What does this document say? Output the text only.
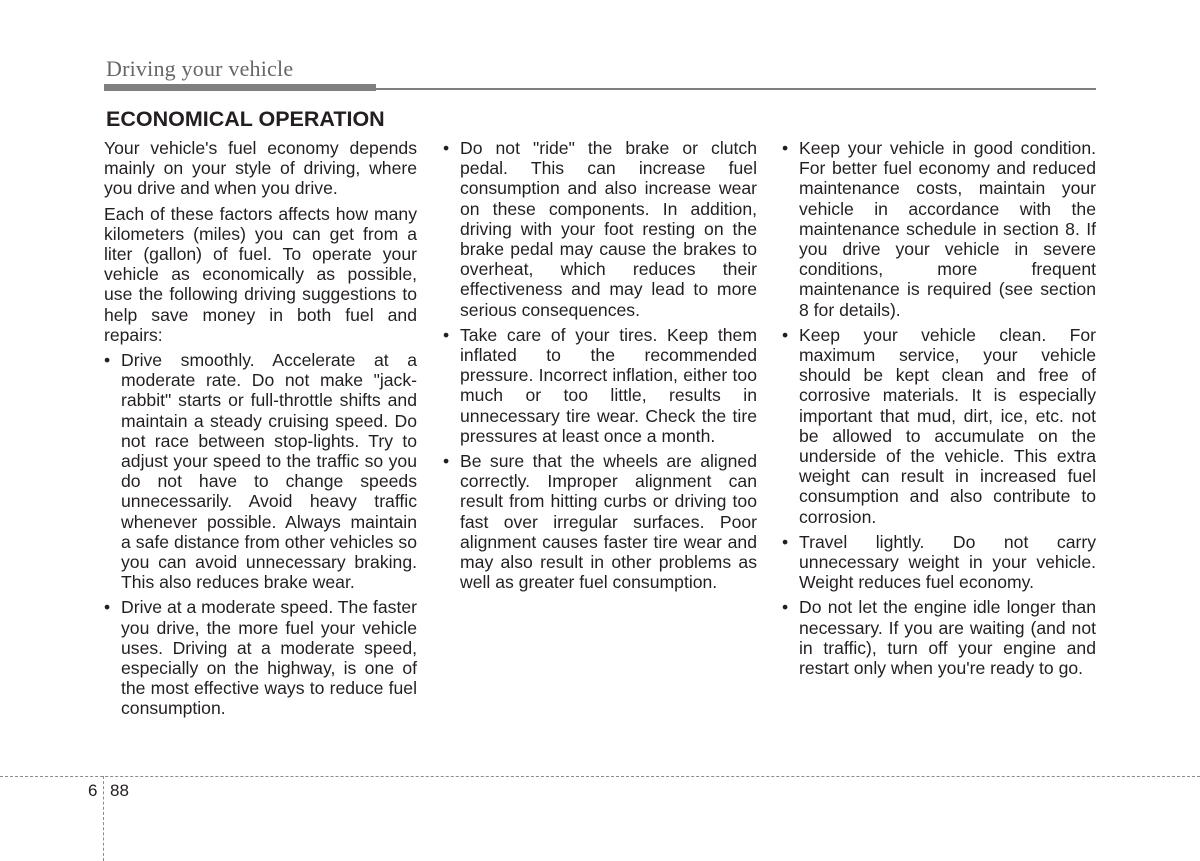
Driving your vehicle
ECONOMICAL OPERATION

Your vehicle's fuel economy depends mainly on your style of driving, where you drive and when you drive.

Each of these factors affects how many kilometers (miles) you can get from a liter (gallon) of fuel. To operate your vehicle as economically as possible, use the following driving suggestions to help save money in both fuel and repairs:

• Drive smoothly. Accelerate at a moderate rate. Do not make "jack-rabbit" starts or full-throttle shifts and maintain a steady cruising speed. Do not race between stop-lights. Try to adjust your speed to the traffic so you do not have to change speeds unnecessarily. Avoid heavy traffic whenever possible. Always maintain a safe distance from other vehicles so you can avoid unnecessary braking. This also reduces brake wear.
• Drive at a moderate speed. The faster you drive, the more fuel your vehicle uses. Driving at a moderate speed, especially on the highway, is one of the most effective ways to reduce fuel consumption.
• Do not "ride" the brake or clutch pedal. This can increase fuel consumption and also increase wear on these components. In addition, driving with your foot resting on the brake pedal may cause the brakes to overheat, which reduces their effectiveness and may lead to more serious consequences.
• Take care of your tires. Keep them inflated to the recommended pressure. Incorrect inflation, either too much or too little, results in unnecessary tire wear. Check the tire pressures at least once a month.
• Be sure that the wheels are aligned correctly. Improper alignment can result from hitting curbs or driving too fast over irregular surfaces. Poor alignment causes faster tire wear and may also result in other problems as well as greater fuel consumption.
• Keep your vehicle in good condition. For better fuel economy and reduced maintenance costs, maintain your vehicle in accordance with the maintenance schedule in section 8. If you drive your vehicle in severe conditions, more frequent maintenance is required (see section 8 for details).
• Keep your vehicle clean. For maximum service, your vehicle should be kept clean and free of corrosive materials. It is especially important that mud, dirt, ice, etc. not be allowed to accumulate on the underside of the vehicle. This extra weight can result in increased fuel consumption and also contribute to corrosion.
• Travel lightly. Do not carry unnecessary weight in your vehicle. Weight reduces fuel economy.
• Do not let the engine idle longer than necessary. If you are waiting (and not in traffic), turn off your engine and restart only when you're ready to go.
6 88
